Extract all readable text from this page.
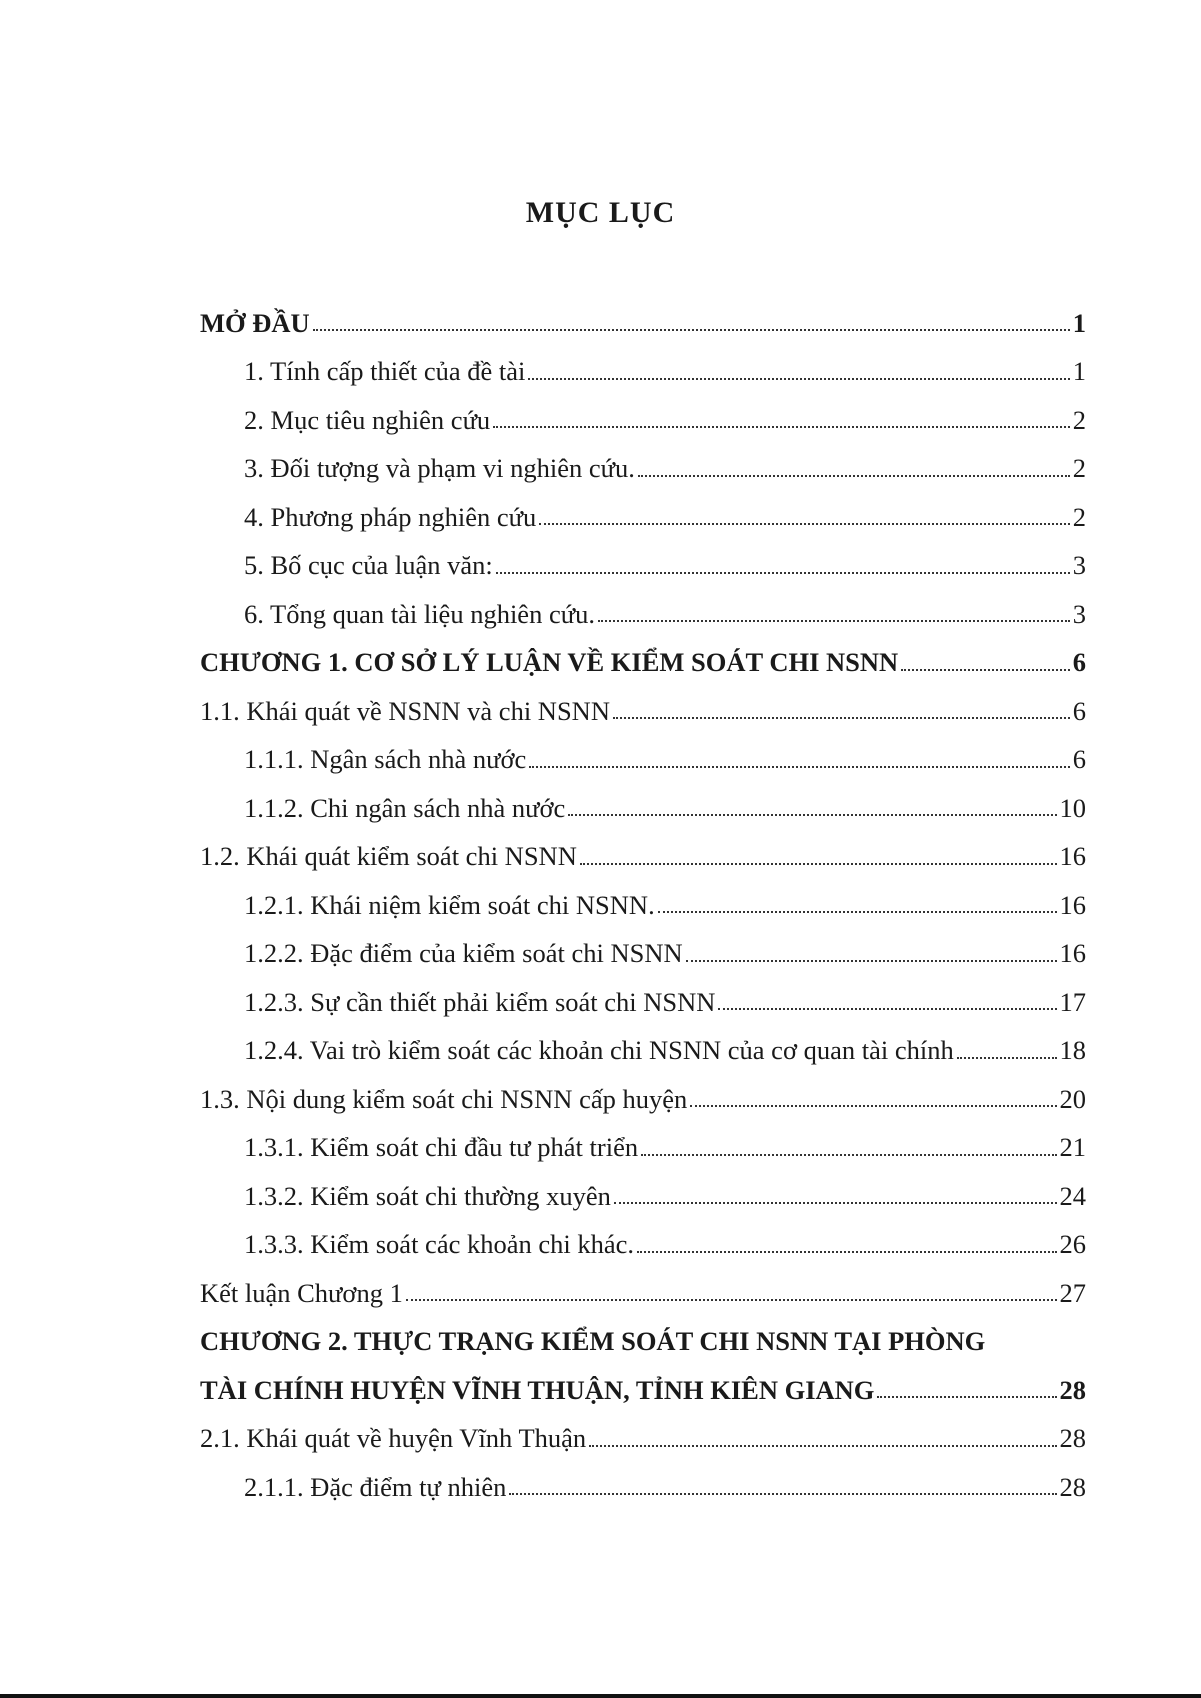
MỤC LỤC
MỞ ĐẦU	1
1. Tính cấp thiết của đề tài	1
2. Mục tiêu nghiên cứu	2
3. Đối tượng và phạm vi nghiên cứu.	2
4. Phương pháp nghiên cứu	2
5. Bố cục của luận văn:	3
6. Tổng quan tài liệu nghiên cứu.	3
CHƯƠNG 1. CƠ SỞ LÝ LUẬN VỀ KIỂM SOÁT CHI NSNN	6
1.1. Khái quát về NSNN và chi NSNN	6
1.1.1. Ngân sách nhà nước	6
1.1.2. Chi ngân sách nhà nước	10
1.2. Khái quát kiểm soát chi NSNN	16
1.2.1. Khái niệm kiểm soát chi NSNN.	16
1.2.2. Đặc điểm của kiểm soát chi NSNN	16
1.2.3. Sự cần thiết phải kiểm soát chi NSNN	17
1.2.4. Vai trò kiểm soát các khoản chi NSNN của cơ quan tài chính	18
1.3. Nội dung kiểm soát chi NSNN cấp huyện	20
1.3.1. Kiểm soát chi đầu tư phát triển	21
1.3.2. Kiểm soát chi thường xuyên	24
1.3.3. Kiểm soát các khoản chi khác.	26
Kết luận Chương 1	27
CHƯƠNG 2. THỰC TRẠNG KIỂM SOÁT CHI NSNN TẠI PHÒNG
TÀI CHÍNH HUYỆN VĨNH THUẬN, TỈNH KIÊN GIANG	28
2.1. Khái quát về huyện Vĩnh Thuận	28
2.1.1. Đặc điểm tự nhiên	28
